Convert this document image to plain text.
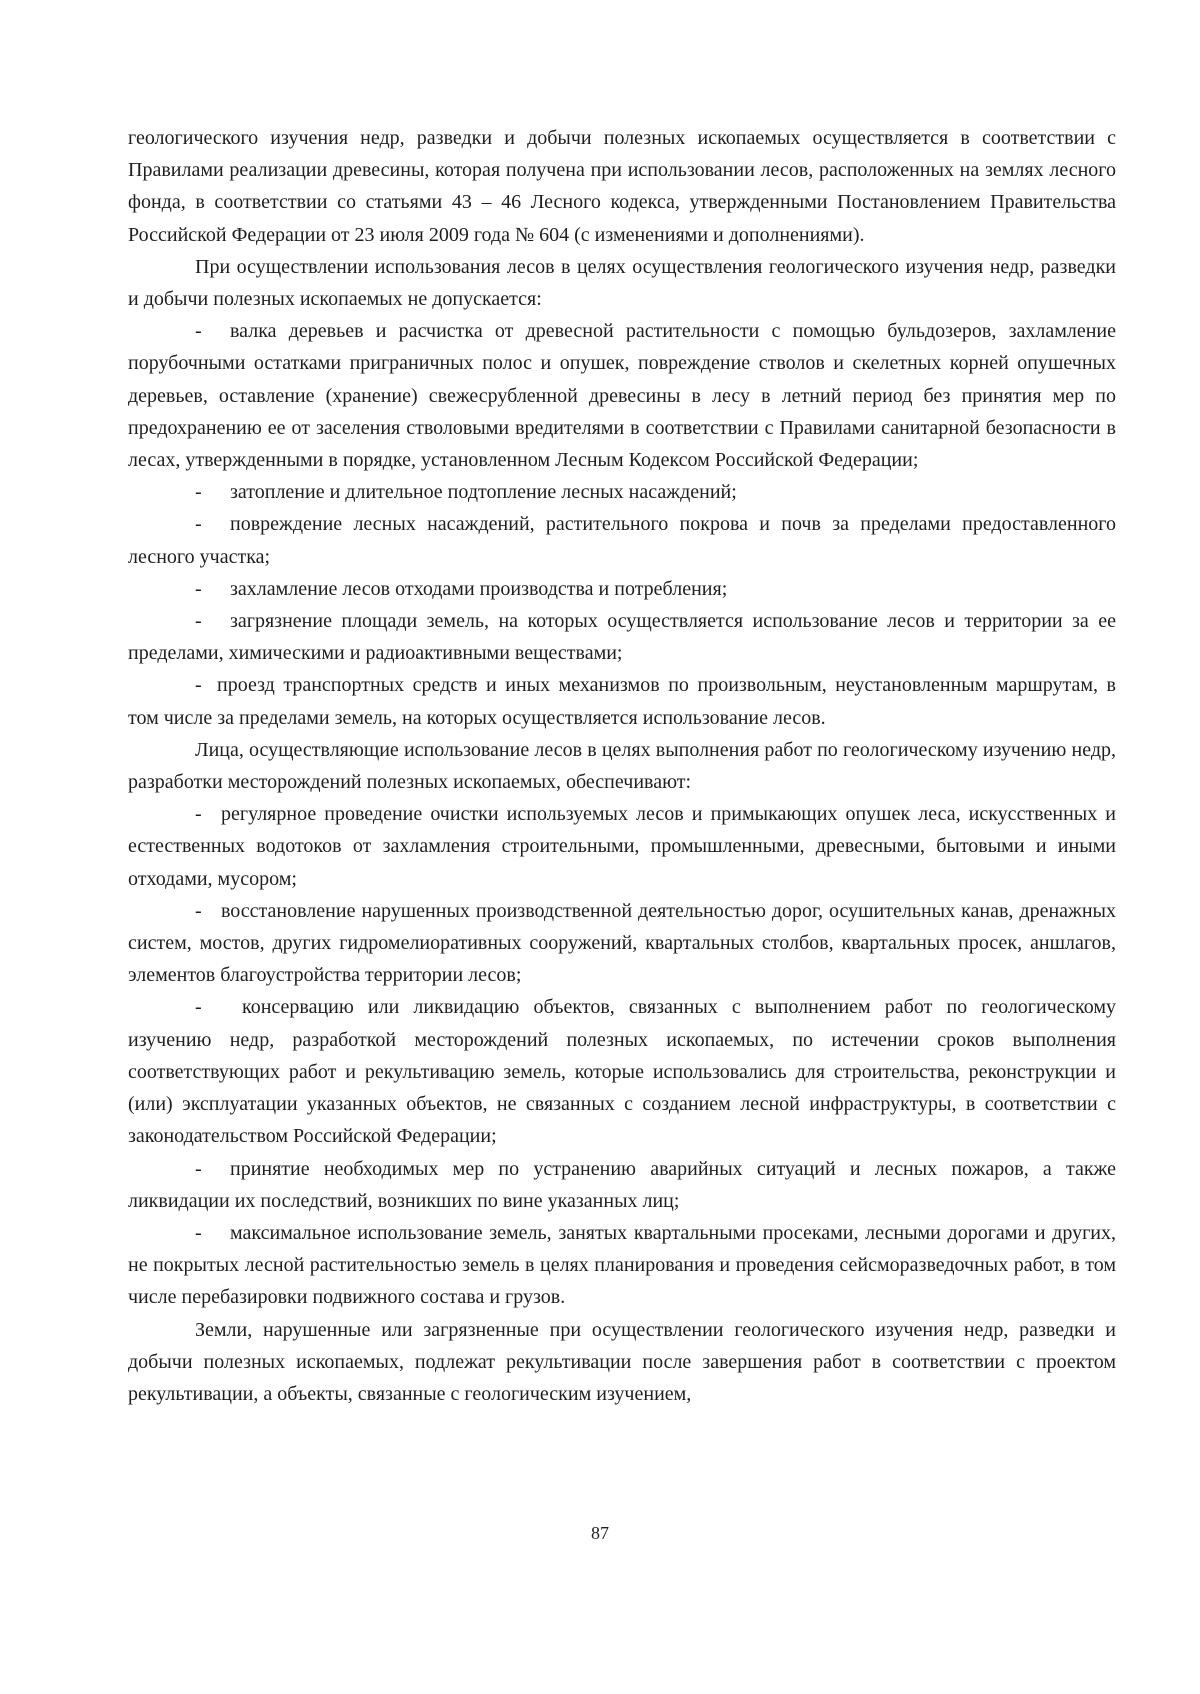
геологического изучения недр, разведки и добычи полезных ископаемых осуществляется в соответствии с Правилами реализации древесины, которая получена при использовании лесов, расположенных на землях лесного фонда, в соответствии со статьями 43 – 46 Лесного кодекса, утвержденными Постановлением Правительства Российской Федерации от 23 июля 2009 года № 604 (с изменениями и дополнениями).

При осуществлении использования лесов в целях осуществления геологического изучения недр, разведки и добычи полезных ископаемых не допускается:

- валка деревьев и расчистка от древесной растительности с помощью бульдозеров, захламление порубочными остатками приграничных полос и опушек, повреждение стволов и скелетных корней опушечных деревьев, оставление (хранение) свежесрубленной древесины в лесу в летний период без принятия мер по предохранению ее от заселения стволовыми вредителями в соответствии с Правилами санитарной безопасности в лесах, утвержденными в порядке, установленном Лесным Кодексом Российской Федерации;

- затопление и длительное подтопление лесных насаждений;

- повреждение лесных насаждений, растительного покрова и почв за пределами предоставленного лесного участка;

- захламление лесов отходами производства и потребления;

- загрязнение площади земель, на которых осуществляется использование лесов и территории за ее пределами, химическими и радиоактивными веществами;

- проезд транспортных средств и иных механизмов по произвольным, неустановленным маршрутам, в том числе за пределами земель, на которых осуществляется использование лесов.

Лица, осуществляющие использование лесов в целях выполнения работ по геологическому изучению недр, разработки месторождений полезных ископаемых, обеспечивают:

- регулярное проведение очистки используемых лесов и примыкающих опушек леса, искусственных и естественных водотоков от захламления строительными, промышленными, древесными, бытовыми и иными отходами, мусором;

- восстановление нарушенных производственной деятельностью дорог, осушительных канав, дренажных систем, мостов, других гидромелиоративных сооружений, квартальных столбов, квартальных просек, аншлагов, элементов благоустройства территории лесов;

- консервацию или ликвидацию объектов, связанных с выполнением работ по геологическому изучению недр, разработкой месторождений полезных ископаемых, по истечении сроков выполнения соответствующих работ и рекультивацию земель, которые использовались для строительства, реконструкции и (или) эксплуатации указанных объектов, не связанных с созданием лесной инфраструктуры, в соответствии с законодательством Российской Федерации;

- принятие необходимых мер по устранению аварийных ситуаций и лесных пожаров, а также ликвидации их последствий, возникших по вине указанных лиц;

- максимальное использование земель, занятых квартальными просеками, лесными дорогами и других, не покрытых лесной растительностью земель в целях планирования и проведения сейсморазведочных работ, в том числе перебазировки подвижного состава и грузов.

Земли, нарушенные или загрязненные при осуществлении геологического изучения недр, разведки и добычи полезных ископаемых, подлежат рекультивации после завершения работ в соответствии с проектом рекультивации, а объекты, связанные с геологическим изучением,

87
